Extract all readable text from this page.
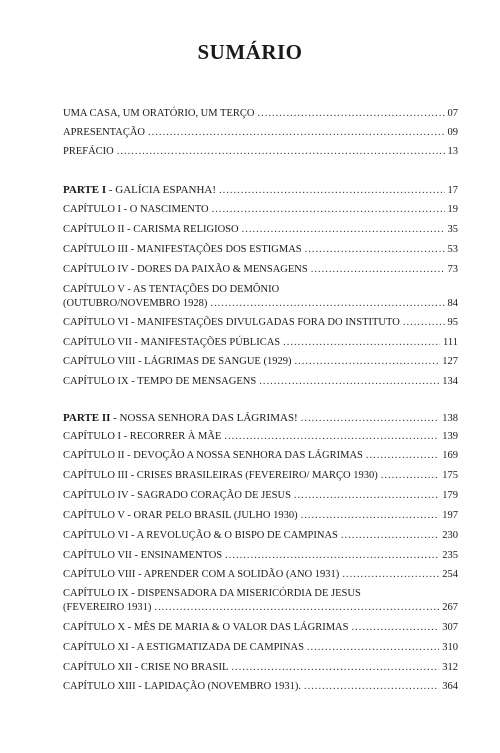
SUMÁRIO
UMA CASA, UM ORATÓRIO, UM TERÇO .....	07
APRESENTAÇÃO .....	09
PREFÁCIO .....	13
PARTE I - GALÍCIA ESPANHA! .....	17
CAPÍTULO I - O NASCIMENTO .....	19
CAPÍTULO II - CARISMA RELIGIOSO .....	35
CAPÍTULO III - MANIFESTAÇÕES DOS ESTIGMAS .....	53
CAPÍTULO IV - DORES DA PAIXÃO & MENSAGENS .....	73
CAPÍTULO V - AS TENTAÇÕES DO DEMÔNIO
(OUTUBRO/NOVEMBRO 1928) .....	84
CAPÍTULO VI - MANIFESTAÇÕES DIVULGADAS FORA DO INSTITUTO .....	95
CAPÍTULO VII - MANIFESTAÇÕES PÚBLICAS .....	111
CAPÍTULO VIII - LÁGRIMAS DE SANGUE (1929) .....	127
CAPÍTULO IX - TEMPO DE MENSAGENS .....	134
PARTE II - NOSSA SENHORA DAS LÁGRIMAS! .....	138
CAPÍTULO I - RECORRER À MÃE .....	139
CAPÍTULO II - DEVOÇÃO A NOSSA SENHORA DAS LÁGRIMAS .....	169
CAPÍTULO III - CRISES BRASILEIRAS (FEVEREIRO/ MARÇO 1930) .....	175
CAPÍTULO IV - SAGRADO CORAÇÃO DE JESUS .....	179
CAPÍTULO V - ORAR PELO BRASIL (JULHO 1930) .....	197
CAPÍTULO VI - A REVOLUÇÃO & O BISPO DE CAMPINAS .....	230
CAPÍTULO VII - ENSINAMENTOS .....	235
CAPÍTULO VIII - APRENDER COM A SOLIDÃO (ANO 1931) .....	254
CAPÍTULO IX - DISPENSADORA DA MISERICÓRDIA DE JESUS
(FEVEREIRO 1931) .....	267
CAPÍTULO X - MÊS DE MARIA & O VALOR DAS LÁGRIMAS .....	307
CAPÍTULO XI - A ESTIGMATIZADA DE CAMPINAS .....	310
CAPÍTULO XII - CRISE NO BRASIL .....	312
CAPÍTULO XIII - LAPIDAÇÃO (NOVEMBRO 1931). .....	364
